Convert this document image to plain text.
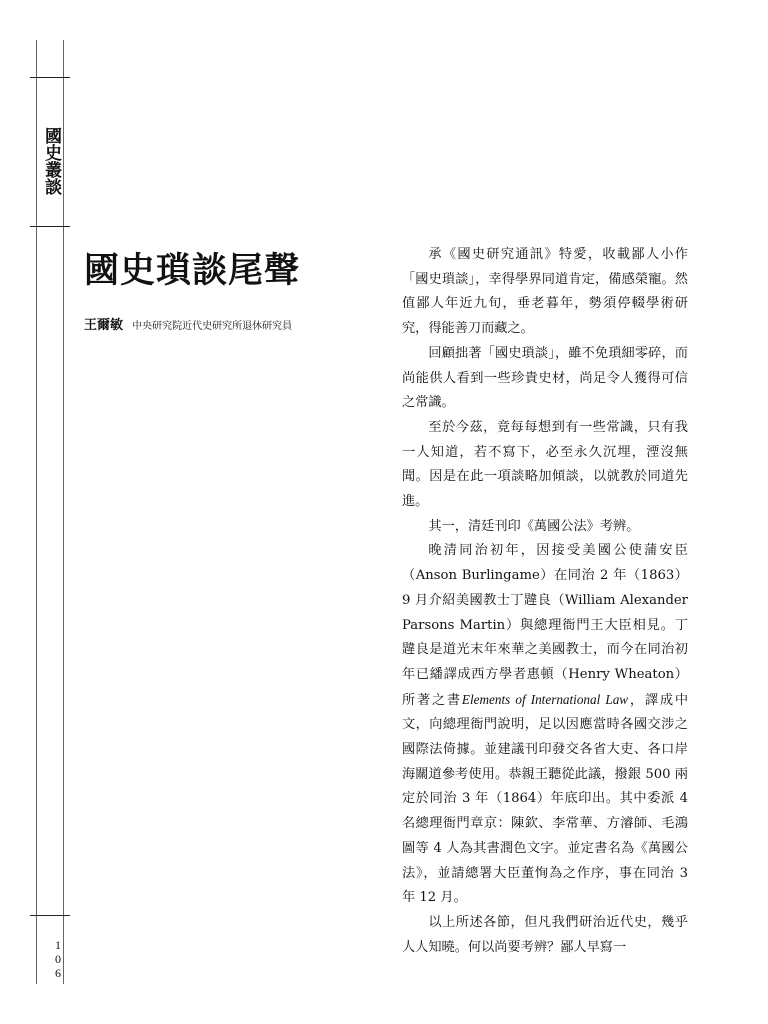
國史叢談
106
國史瑣談尾聲
王爾敏 中央研究院近代史研究所退休研究員

承《國史研究通訊》特愛，收載鄙人小作「國史瑣談」，幸得學界同道肯定，備感榮寵。然值鄙人年近九旬，垂老暮年，勢須停輟學術研究，得能善刀而藏之。

回顧拙著「國史瑣談」，雖不免瑣細零碎，而尚能供人看到一些珍貴史材，尚足令人獲得可信之常識。

至於今茲，竟每每想到有一些常識，只有我一人知道，若不寫下，必至永久沉埋，湮沒無聞。因是在此一項談略加傾談，以就教於同道先進。

其一，清廷刊印《萬國公法》考辨。

晚清同治初年，因接受美國公使蒲安臣（Anson Burlingame）在同治 2 年（1863）9 月介紹美國教士丁韙良（William Alexander Parsons Martin）與總理衙門王大臣相見。丁韙良是道光末年來華之美國教士，而今在同治初年已繙譯成西方學者惠頓（Henry Wheaton）所著之書Elements of International Law，譯成中文，向總理衙門說明，足以因應當時各國交涉之國際法倚據。並建議刊印發交各省大吏、各口岸海關道參考使用。恭親王聽從此議，撥銀 500 兩定於同治 3 年（1864）年底印出。其中委派 4 名總理衙門章京：陳欽、李常華、方濬師、毛鴻圖等 4 人為其書潤色文字。並定書名為《萬國公法》，並請總署大臣董恂為之作序，事在同治 3 年 12 月。

以上所述各節，但凡我們研治近代史，幾乎人人知曉。何以尚要考辨？鄙人早寫一
